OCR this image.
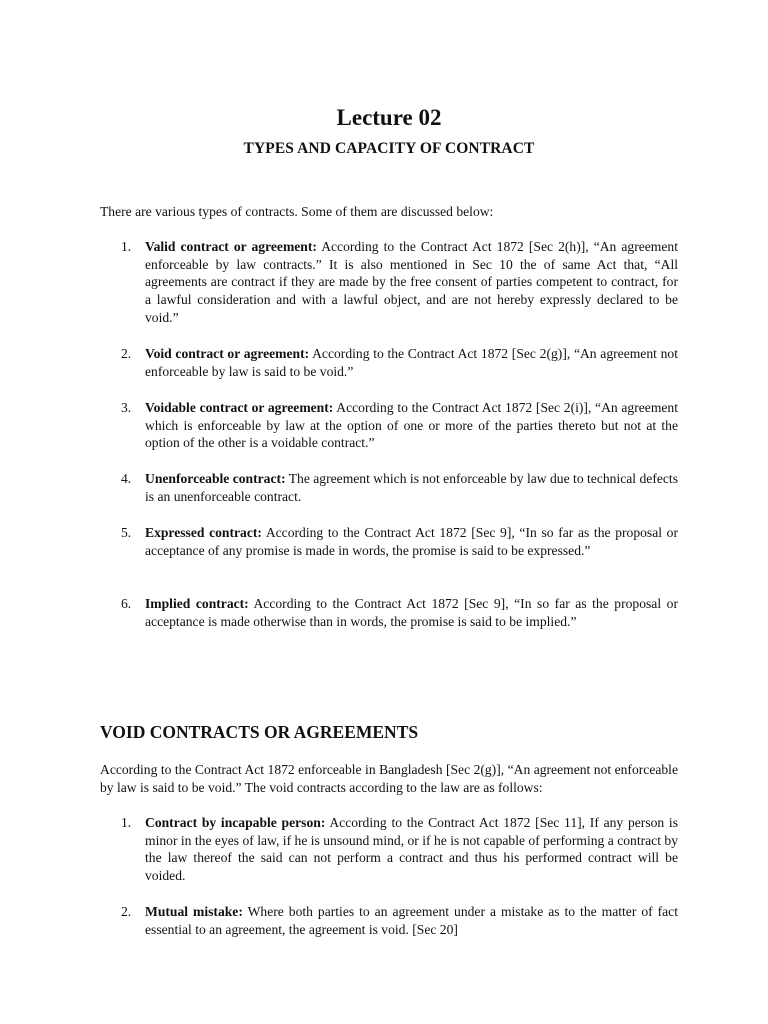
Lecture 02
TYPES AND CAPACITY OF CONTRACT

There are various types of contracts. Some of them are discussed below:

1. Valid contract or agreement: According to the Contract Act 1872 [Sec 2(h)], “An agreement enforceable by law contracts.” It is also mentioned in Sec 10 the of same Act that, “All agreements are contract if they are made by the free consent of parties competent to contract, for a lawful consideration and with a lawful object, and are not hereby expressly declared to be void.”
2. Void contract or agreement: According to the Contract Act 1872 [Sec 2(g)], “An agreement not enforceable by law is said to be void.”
3. Voidable contract or agreement: According to the Contract Act 1872 [Sec 2(i)], “An agreement which is enforceable by law at the option of one or more of the parties thereto but not at the option of the other is a voidable contract.”
4. Unenforceable contract: The agreement which is not enforceable by law due to technical defects is an unenforceable contract.
5. Expressed contract: According to the Contract Act 1872 [Sec 9], “In so far as the proposal or acceptance of any promise is made in words, the promise is said to be expressed.”
6. Implied contract: According to the Contract Act 1872 [Sec 9], “In so far as the proposal or acceptance is made otherwise than in words, the promise is said to be implied.”
VOID CONTRACTS OR AGREEMENTS

According to the Contract Act 1872 enforceable in Bangladesh [Sec 2(g)], “An agreement not enforceable by law is said to be void.” The void contracts according to the law are as follows:

1. Contract by incapable person: According to the Contract Act 1872 [Sec 11], If any person is minor in the eyes of law, if he is unsound mind, or if he is not capable of performing a contract by the law thereof the said can not perform a contract and thus his performed contract will be voided.
2. Mutual mistake: Where both parties to an agreement under a mistake as to the matter of fact essential to an agreement, the agreement is void. [Sec 20]
